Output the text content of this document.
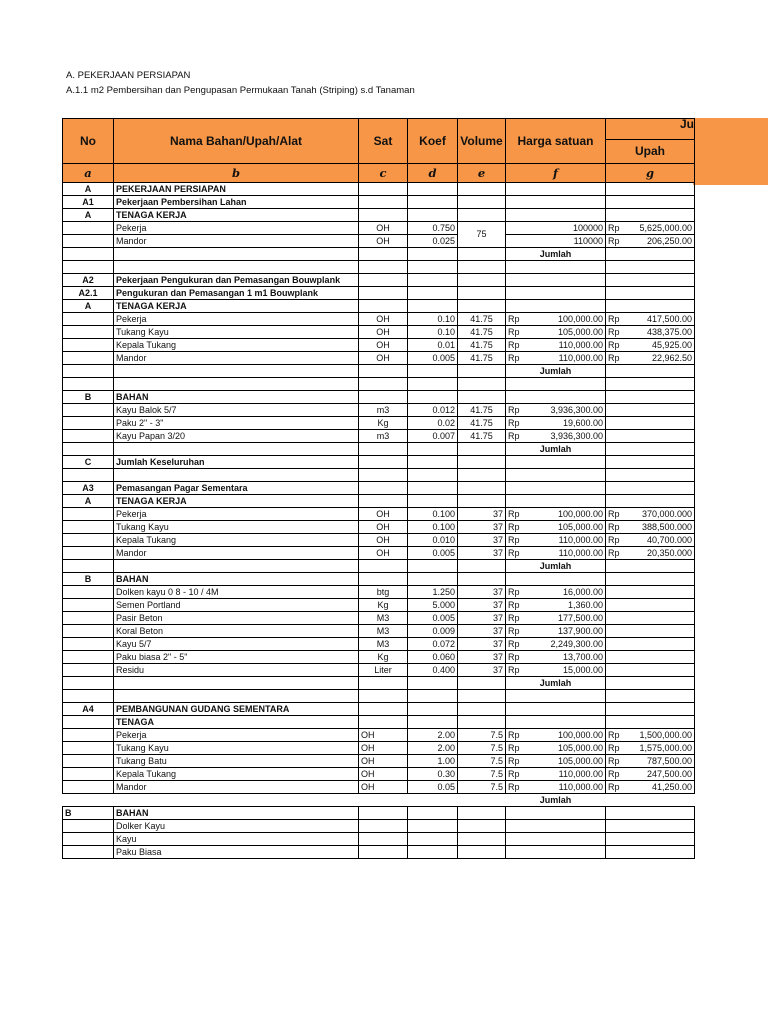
A. PEKERJAAN PERSIAPAN
A.1.1 m2 Pembersihan dan Pengupasan Permukaan Tanah (Striping) s.d Tanaman
No	Nama Bahan/Upah/Alat	Sat	Koef	Volume	Harga satuan	Ju
						Upah
a	b	c	d	e	f	g
A	PEKERJAAN PERSIAPAN					
A1	Pekerjaan Pembersihan Lahan					
A	TENAGA KERJA					
	Pekerja	OH	0.750	75	100000	Rp 5,625,000.00
	Mandor	OH	0.025		110000	Rp 206,250.00
					Jumlah	

A2	Pekerjaan Pengukuran dan Pemasangan Bouwplank					
A2.1	Pengukuran dan Pemasangan 1 m1 Bouwplank					
A	TENAGA KERJA					
	Pekerja	OH	0.10	41.75	Rp 100,000.00	Rp 417,500.00
	Tukang Kayu	OH	0.10	41.75	Rp 105,000.00	Rp 438,375.00
	Kepala Tukang	OH	0.01	41.75	Rp 110,000.00	Rp 45,925.00
	Mandor	OH	0.005	41.75	Rp 110,000.00	Rp 22,962.50
					Jumlah	

B	BAHAN					
	Kayu Balok 5/7	m3	0.012	41.75	Rp 3,936,300.00	
	Paku 2" - 3"	Kg	0.02	41.75	Rp 19,600.00	
	Kayu Papan 3/20	m3	0.007	41.75	Rp 3,936,300.00	
					Jumlah	
C	Jumlah Keseluruhan					

A3	Pemasangan Pagar Sementara					
A	TENAGA KERJA					
	Pekerja	OH	0.100	37	Rp 100,000.00	Rp 370,000.000
	Tukang Kayu	OH	0.100	37	Rp 105,000.00	Rp 388,500.000
	Kepala Tukang	OH	0.010	37	Rp 110,000.00	Rp 40,700.000
	Mandor	OH	0.005	37	Rp 110,000.00	Rp 20,350.000
					Jumlah	
B	BAHAN					
	Dolken kayu 0 8 - 10 / 4M	btg	1.250	37	Rp 16,000.00	
	Semen Portland	Kg	5.000	37	Rp 1,360.00	
	Pasir Beton	M3	0.005	37	Rp 177,500.00	
	Koral Beton	M3	0.009	37	Rp 137,900.00	
	Kayu 5/7	M3	0.072	37	Rp 2,249,300.00	
	Paku biasa 2" - 5"	Kg	0.060	37	Rp 13,700.00	
	Residu	Liter	0.400	37	Rp 15,000.00	
					Jumlah	

A4	PEMBANGUNAN GUDANG SEMENTARA					
	TENAGA					
	Pekerja	OH	2.00	7.5	Rp 100,000.00	Rp 1,500,000.00
	Tukang Kayu	OH	2.00	7.5	Rp 105,000.00	Rp 1,575,000.00
	Tukang Batu	OH	1.00	7.5	Rp 105,000.00	Rp 787,500.00
	Kepala Tukang	OH	0.30	7.5	Rp 110,000.00	Rp 247,500.00
	Mandor	OH	0.05	7.5	Rp 110,000.00	Rp 41,250.00
					Jumlah	
B	BAHAN					
	Dolker Kayu					
	Kayu					
	Paku Biasa					
